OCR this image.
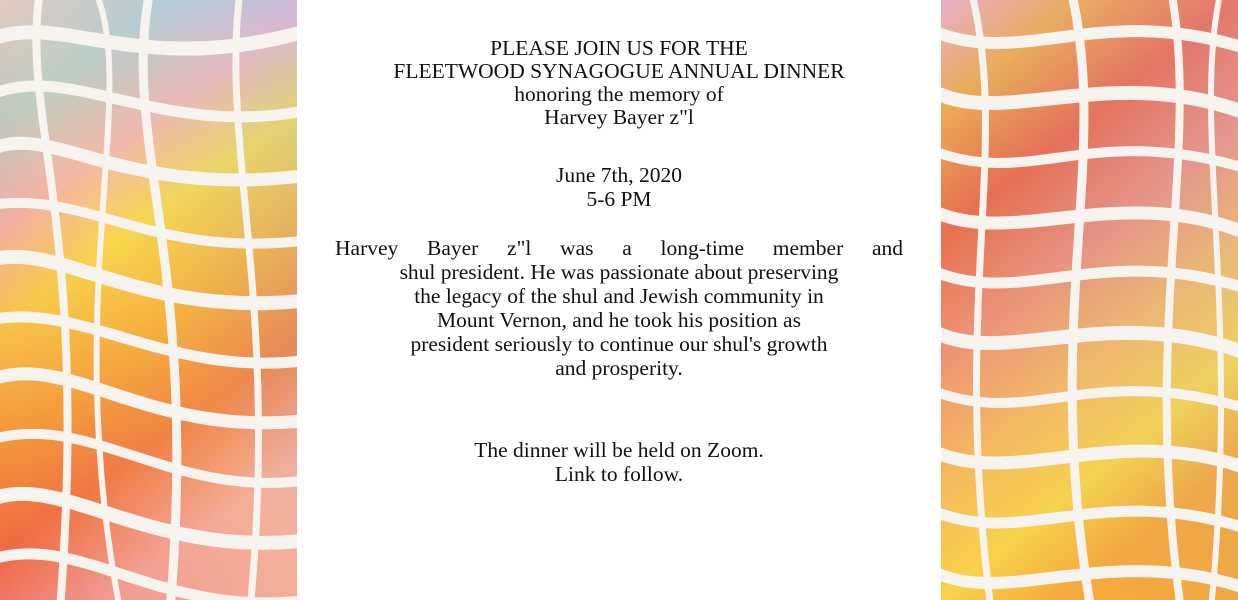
PLEASE JOIN US FOR THE

FLEETWOOD SYNAGOGUE ANNUAL DINNER

honoring the memory of

Harvey Bayer z"l

June 7th, 2020

5-6 PM

Harvey Bayer z"l was a long-time member and
shul president. He was passionate about preserving
the legacy of the shul and Jewish community in
Mount Vernon, and he took his position as
president seriously to continue our shul's growth
and prosperity.

The dinner will be held on Zoom.

Link to follow.
